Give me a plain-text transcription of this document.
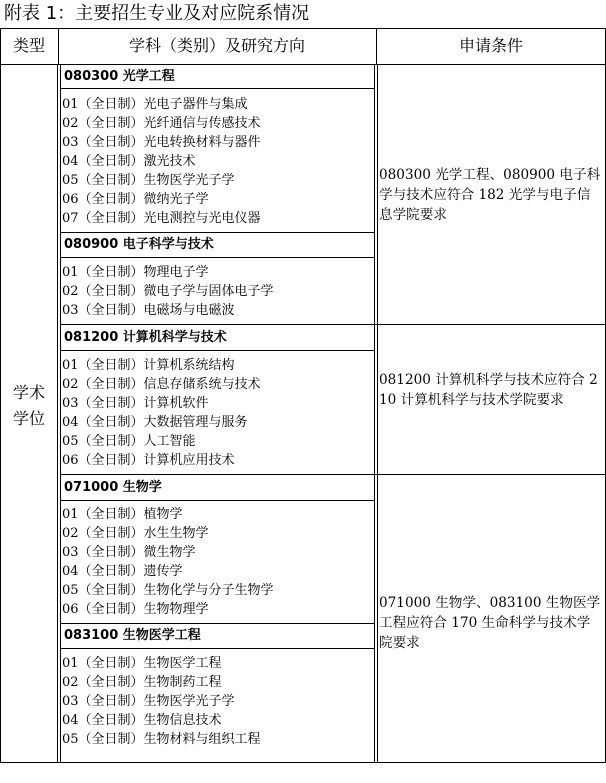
附表 1：主要招生专业及对应院系情况
类型	学科（类别）及研究方向	申请条件
学术
学位
080300 光学工程
01（全日制）光电子器件与集成
02（全日制）光纤通信与传感技术
03（全日制）光电转换材料与器件
04（全日制）激光技术
05（全日制）生物医学光子学
06（全日制）微纳光子学
07（全日制）光电测控与光电仪器
080900 电子科学与技术
01（全日制）物理电子学
02（全日制）微电子学与固体电子学
03（全日制）电磁场与电磁波
081200 计算机科学与技术
01（全日制）计算机系统结构
02（全日制）信息存储系统与技术
03（全日制）计算机软件
04（全日制）大数据管理与服务
05（全日制）人工智能
06（全日制）计算机应用技术
071000 生物学
01（全日制）植物学
02（全日制）水生生物学
03（全日制）微生物学
04（全日制）遗传学
05（全日制）生物化学与分子生物学
06（全日制）生物物理学
083100 生物医学工程
01（全日制）生物医学工程
02（全日制）生物制药工程
03（全日制）生物医学光子学
04（全日制）生物信息技术
05（全日制）生物材料与组织工程
080300 光学工程、080900 电子科学与技术应符合 182 光学与电子信息学院要求
081200 计算机科学与技术应符合 210 计算机科学与技术学院要求
071000 生物学、083100 生物医学工程应符合 170 生命科学与技术学院要求
